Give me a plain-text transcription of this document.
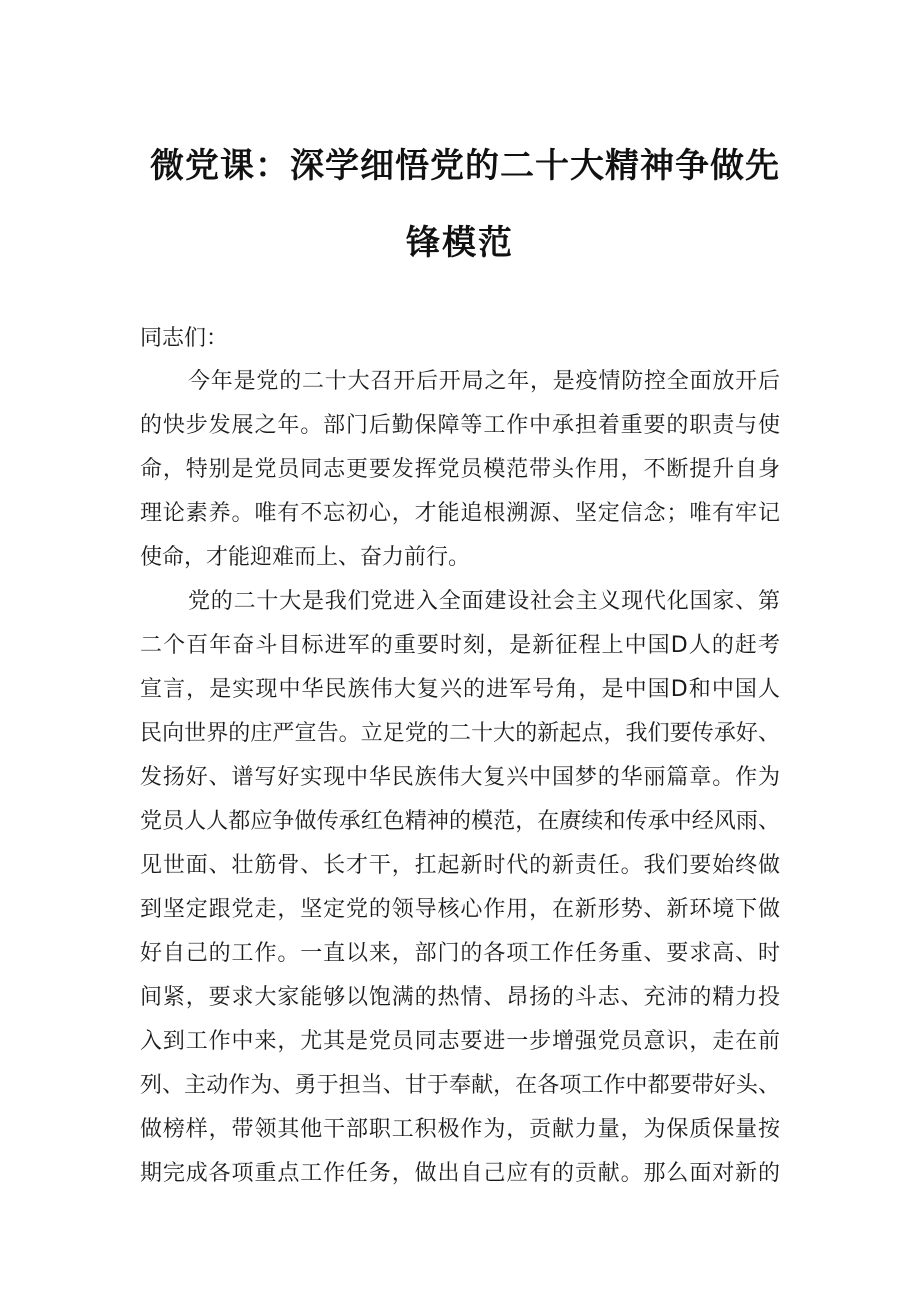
微党课：深学细悟党的二十大精神争做先
锋模范
同志们：
今年是党的二十大召开后开局之年，是疫情防控全面放开后
的快步发展之年。部门后勤保障等工作中承担着重要的职责与使
命，特别是党员同志更要发挥党员模范带头作用，不断提升自身
理论素养。唯有不忘初心，才能追根溯源、坚定信念；唯有牢记
使命，才能迎难而上、奋力前行。
党的二十大是我们党进入全面建设社会主义现代化国家、第
二个百年奋斗目标进军的重要时刻，是新征程上中国D人的赶考
宣言，是实现中华民族伟大复兴的进军号角，是中国D和中国人
民向世界的庄严宣告。立足党的二十大的新起点，我们要传承好、
发扬好、谱写好实现中华民族伟大复兴中国梦的华丽篇章。作为
党员人人都应争做传承红色精神的模范，在赓续和传承中经风雨、
见世面、壮筋骨、长才干，扛起新时代的新责任。我们要始终做
到坚定跟党走，坚定党的领导核心作用，在新形势、新环境下做
好自己的工作。一直以来，部门的各项工作任务重、要求高、时
间紧，要求大家能够以饱满的热情、昂扬的斗志、充沛的精力投
入到工作中来，尤其是党员同志要进一步增强党员意识，走在前
列、主动作为、勇于担当、甘于奉献，在各项工作中都要带好头、
做榜样，带领其他干部职工积极作为，贡献力量，为保质保量按
期完成各项重点工作任务，做出自己应有的贡献。那么面对新的
